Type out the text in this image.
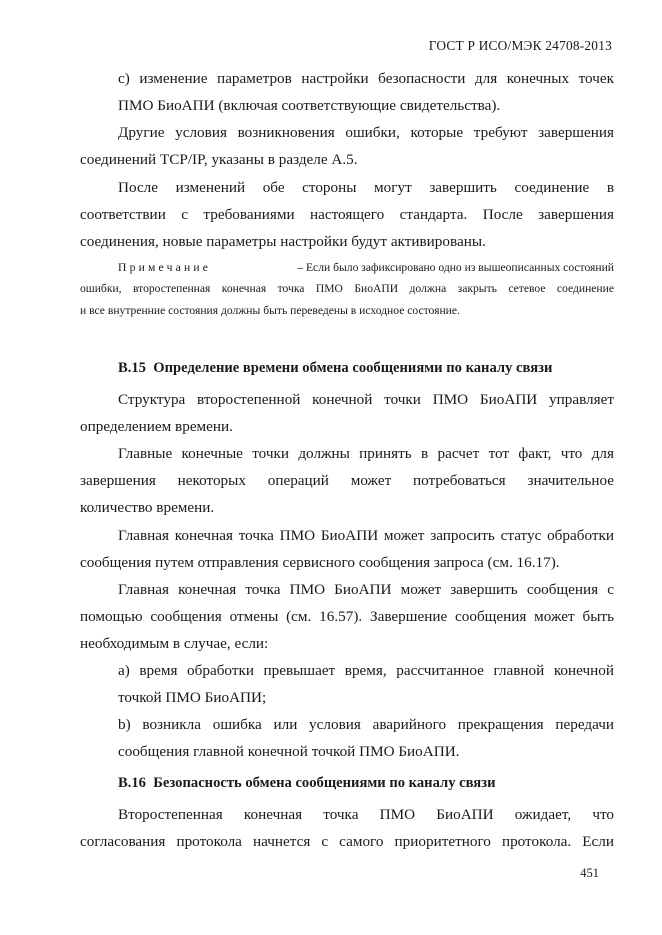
ГОСТ Р ИСО/МЭК 24708-2013
c) изменение параметров настройки безопасности для конечных точек
ПМО БиоАПИ (включая соответствующие свидетельства).
Другие условия возникновения ошибки, которые требуют завершения
соединений TCP/IP, указаны в разделе А.5.
После изменений обе стороны могут завершить соединение в
соответствии с требованиями настоящего стандарта. После завершения
соединения, новые параметры настройки будут активированы.
Примечание	– Если было зафиксировано одно из вышеописанных состояний
ошибки, второстепенная конечная точка ПМО БиоАПИ должна закрыть сетевое соединение
и все внутренние состояния должны быть переведены в исходное состояние.
B.15 Определение времени обмена сообщениями по каналу связи
Структура второстепенной конечной точки ПМО БиоАПИ управляет
определением времени.
Главные конечные точки должны принять в расчет тот факт, что для
завершения некоторых операций может потребоваться значительное
количество времени.
Главная конечная точка ПМО БиоАПИ может запросить статус обработки
сообщения путем отправления сервисного сообщения запроса (см. 16.17).
Главная конечная точка ПМО БиоАПИ может завершить сообщения с
помощью сообщения отмены (см. 16.57). Завершение сообщения может быть
необходимым в случае, если:
a) время обработки превышает время, рассчитанное главной конечной
точкой ПМО БиоАПИ;
b) возникла ошибка или условия аварийного прекращения передачи
сообщения главной конечной точкой ПМО БиоАПИ.
B.16 Безопасность обмена сообщениями по каналу связи
Второстепенная конечная точка ПМО БиоАПИ ожидает, что
согласования протокола начнется с самого приоритетного протокола. Если
451
